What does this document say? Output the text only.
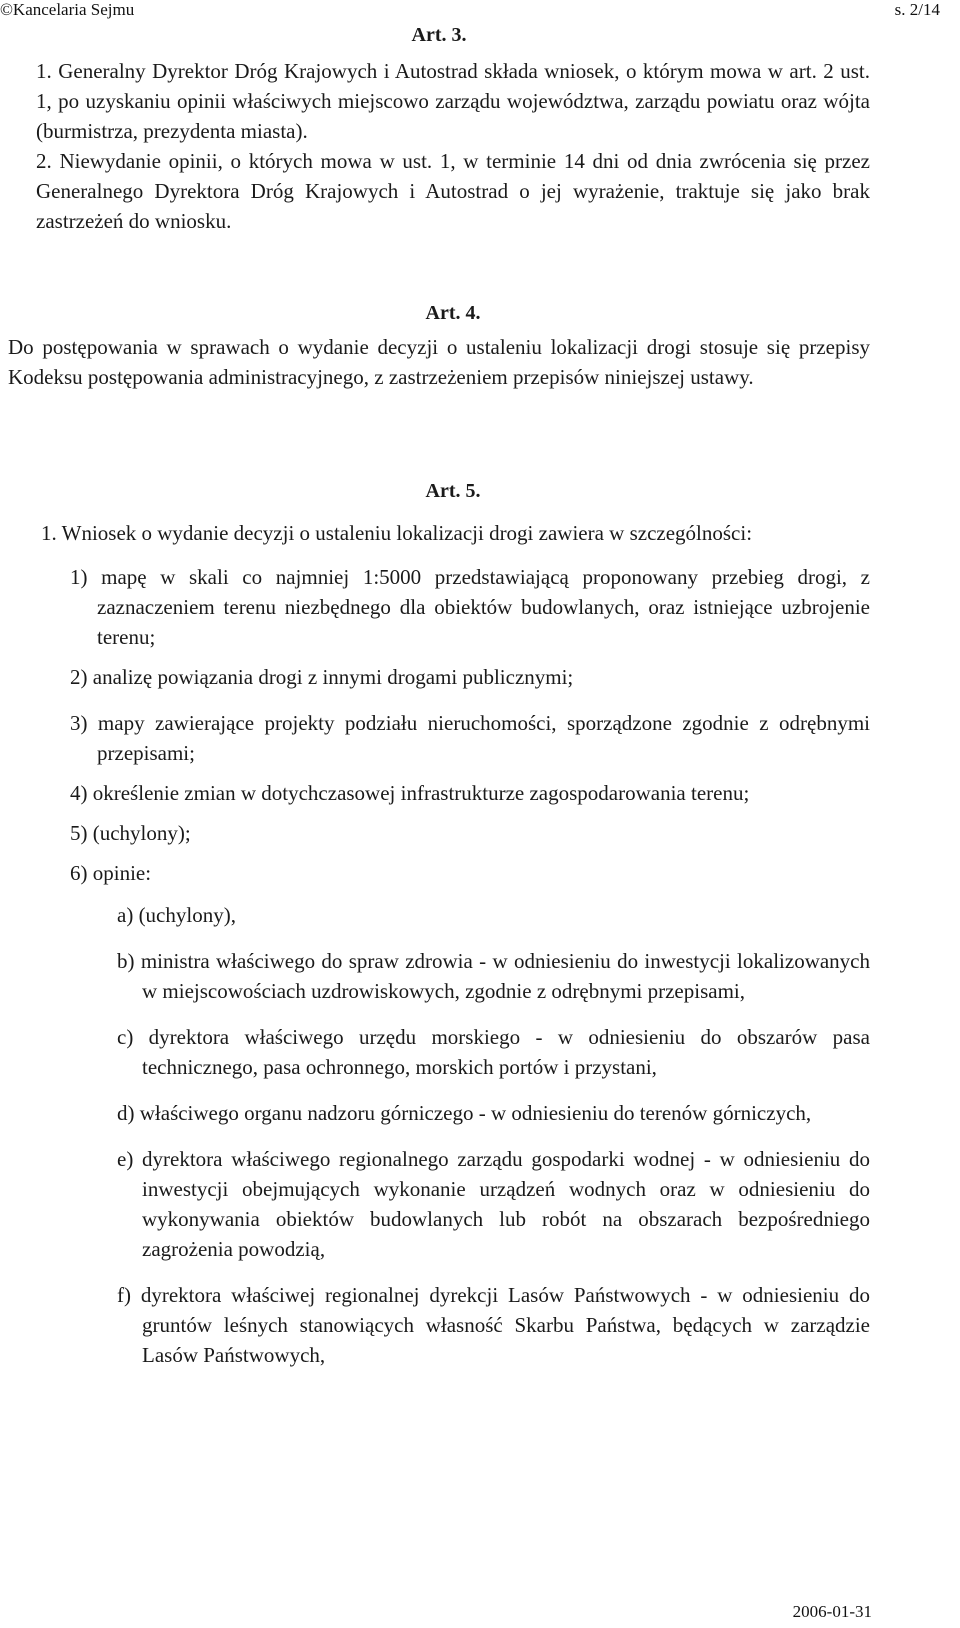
©Kancelaria Sejmu	s. 2/14

Art. 3.

1. Generalny Dyrektor Dróg Krajowych i Autostrad składa wniosek, o którym mowa w art. 2 ust. 1, po uzyskaniu opinii właściwych miejscowo zarządu województwa, zarządu powiatu oraz wójta (burmistrza, prezydenta miasta).

2. Niewydanie opinii, o których mowa w ust. 1, w terminie 14 dni od dnia zwrócenia się przez Generalnego Dyrektora Dróg Krajowych i Autostrad o jej wyrażenie, traktuje się jako brak zastrzeżeń do wniosku.

Art. 4.

Do postępowania w sprawach o wydanie decyzji o ustaleniu lokalizacji drogi stosuje się przepisy Kodeksu postępowania administracyjnego, z zastrzeżeniem przepisów niniejszej ustawy.

Art. 5.

1. Wniosek o wydanie decyzji o ustaleniu lokalizacji drogi zawiera w szczególności:

1) mapę w skali co najmniej 1:5000 przedstawiającą proponowany przebieg drogi, z zaznaczeniem terenu niezbędnego dla obiektów budowlanych, oraz istniejące uzbrojenie terenu;

2) analizę powiązania drogi z innymi drogami publicznymi;

3) mapy zawierające projekty podziału nieruchomości, sporządzone zgodnie z odrębnymi przepisami;

4) określenie zmian w dotychczasowej infrastrukturze zagospodarowania terenu;

5) (uchylony);

6) opinie:

a) (uchylony),

b) ministra właściwego do spraw zdrowia - w odniesieniu do inwestycji lokalizowanych w miejscowościach uzdrowiskowych, zgodnie z odrębnymi przepisami,

c) dyrektora właściwego urzędu morskiego - w odniesieniu do obszarów pasa technicznego, pasa ochronnego, morskich portów i przystani,

d) właściwego organu nadzoru górniczego - w odniesieniu do terenów górniczych,

e) dyrektora właściwego regionalnego zarządu gospodarki wodnej - w odniesieniu do inwestycji obejmujących wykonanie urządzeń wodnych oraz w odniesieniu do wykonywania obiektów budowlanych lub robót na obszarach bezpośredniego zagrożenia powodzią,

f) dyrektora właściwej regionalnej dyrekcji Lasów Państwowych - w odniesieniu do gruntów leśnych stanowiących własność Skarbu Państwa, będących w zarządzie Lasów Państwowych,

2006-01-31
